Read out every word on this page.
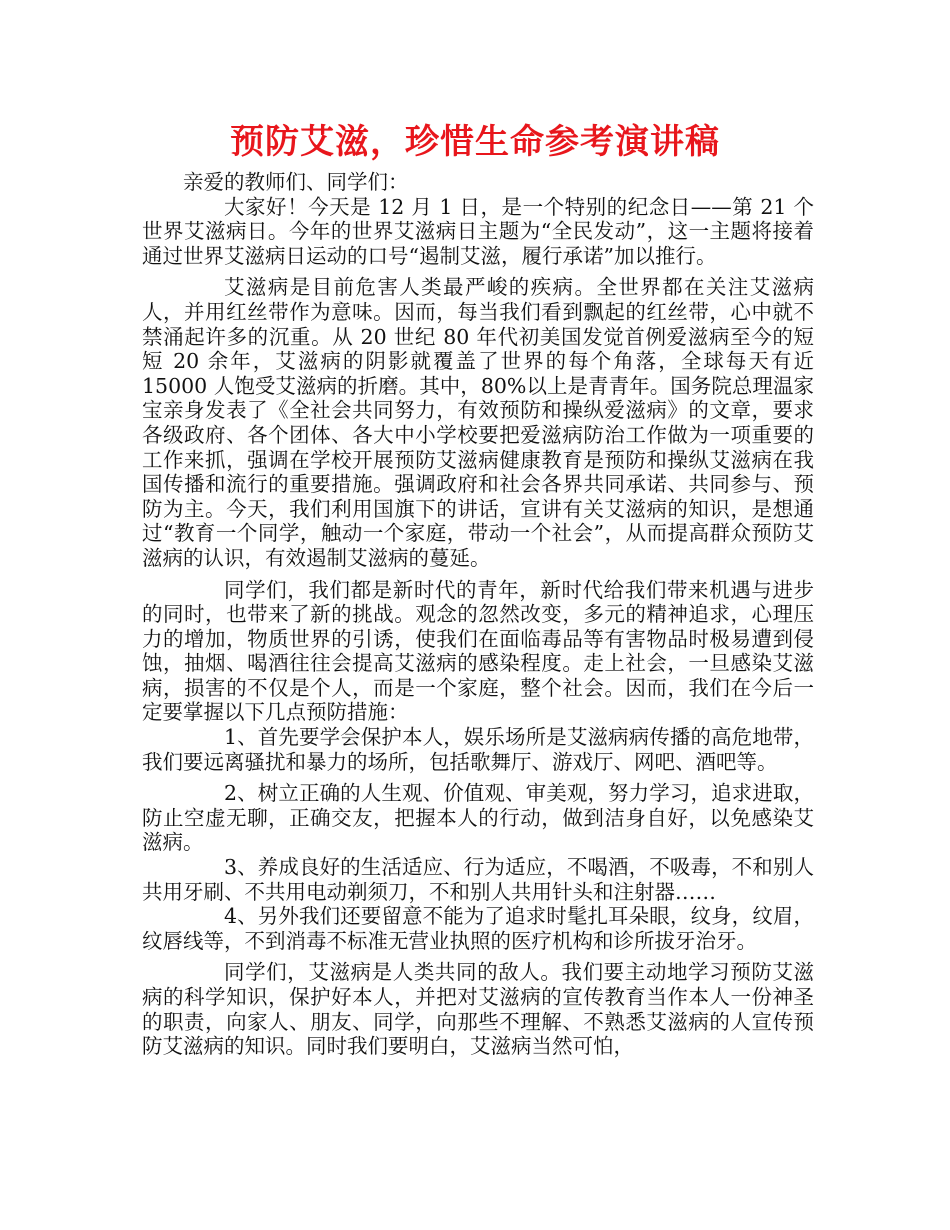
预防艾滋，珍惜生命参考演讲稿

亲爱的教师们、同学们：

大家好！今天是 12 月 1 日，是一个特别的纪念日——第 21 个世界艾滋病日。今年的世界艾滋病日主题为“全民发动”，这一主题将接着通过世界艾滋病日运动的口号“遏制艾滋，履行承诺”加以推行。

艾滋病是目前危害人类最严峻的疾病。全世界都在关注艾滋病人，并用红丝带作为意味。因而，每当我们看到飘起的红丝带，心中就不禁涌起许多的沉重。从 20 世纪 80 年代初美国发觉首例爱滋病至今的短短 20 余年，艾滋病的阴影就覆盖了世界的每个角落，全球每天有近 15000 人饱受艾滋病的折磨。其中，80%以上是青青年。国务院总理温家宝亲身发表了《全社会共同努力，有效预防和操纵爱滋病》的文章，要求各级政府、各个团体、各大中小学校要把爱滋病防治工作做为一项重要的工作来抓，强调在学校开展预防艾滋病健康教育是预防和操纵艾滋病在我国传播和流行的重要措施。强调政府和社会各界共同承诺、共同参与、预防为主。今天，我们利用国旗下的讲话，宣讲有关艾滋病的知识，是想通过“教育一个同学，触动一个家庭，带动一个社会”，从而提高群众预防艾滋病的认识，有效遏制艾滋病的蔓延。

同学们，我们都是新时代的青年，新时代给我们带来机遇与进步的同时，也带来了新的挑战。观念的忽然改变，多元的精神追求，心理压力的增加，物质世界的引诱，使我们在面临毒品等有害物品时极易遭到侵蚀，抽烟、喝酒往往会提高艾滋病的感染程度。走上社会，一旦感染艾滋病，损害的不仅是个人，而是一个家庭，整个社会。因而，我们在今后一定要掌握以下几点预防措施：

1、首先要学会保护本人，娱乐场所是艾滋病病传播的高危地带，我们要远离骚扰和暴力的场所，包括歌舞厅、游戏厅、网吧、酒吧等。

2、树立正确的人生观、价值观、审美观，努力学习，追求进取，防止空虚无聊，正确交友，把握本人的行动，做到洁身自好，以免感染艾滋病。

3、养成良好的生活适应、行为适应，不喝酒，不吸毒，不和别人共用牙刷、不共用电动剃须刀，不和别人共用针头和注射器……

4、另外我们还要留意不能为了追求时髦扎耳朵眼，纹身，纹眉，纹唇线等，不到消毒不标准无营业执照的医疗机构和诊所拔牙治牙。

同学们，艾滋病是人类共同的敌人。我们要主动地学习预防艾滋病的科学知识，保护好本人，并把对艾滋病的宣传教育当作本人一份神圣的职责，向家人、朋友、同学，向那些不理解、不熟悉艾滋病的人宣传预防艾滋病的知识。同时我们要明白，艾滋病当然可怕，
